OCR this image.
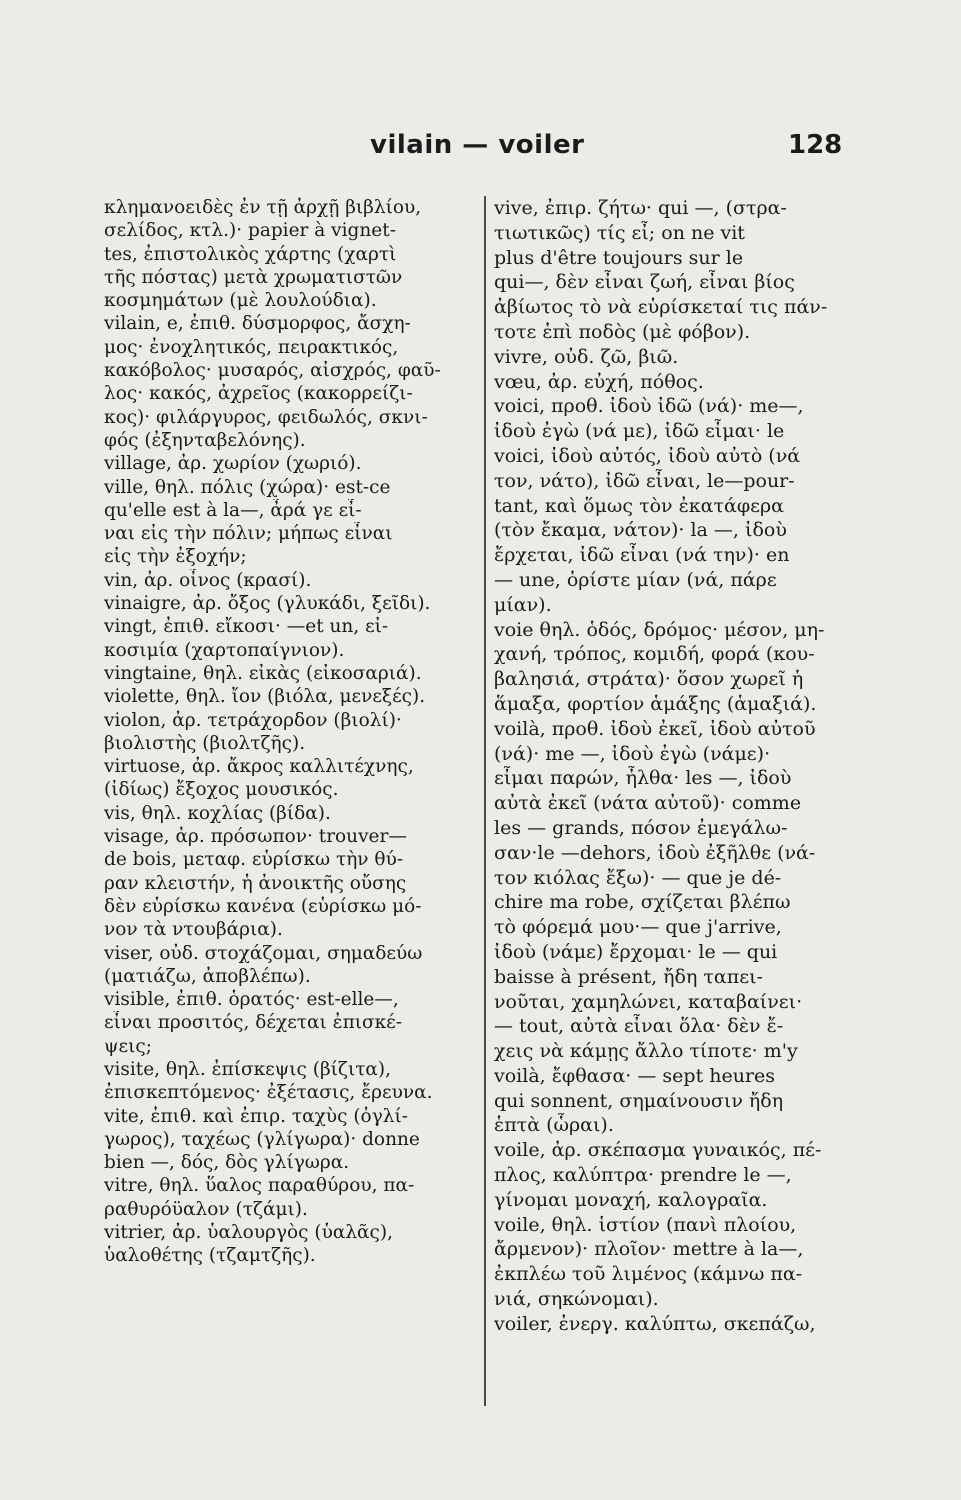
vilain — voiler	128
κλημανοειδὲς ἐν τῇ ἀρχῇ βιβλίου,
σελίδος, κτλ.)· papier à vignet-
tes, ἐπιστολικὸς χάρτης (χαρτὶ
τῆς πόστας) μετὰ χρωματιστῶν
κοσμημάτων (μὲ λουλούδια).
vilain, e, ἐπιθ. δύσμορφος, ἄσχη-
μος· ἐνοχλητικός, πειρακτικός,
κακόβολος· μυσαρός, αἰσχρός, φαῦ-
λος· κακός, ἀχρεῖος (κακορρείζι-
κος)· φιλάργυρος, φειδωλός, σκνι-
φός (ἐξηνταβελόνης).
village, ἀρ. χωρίον (χωριό).
ville, θηλ. πόλις (χώρα)· est-ce
qu'elle est à la—, ἆρά γε εἶ-
ναι εἰς τὴν πόλιν; μήπως εἶναι
εἰς τὴν ἐξοχήν;
vin, ἀρ. οἶνος (κρασί).
vinaigre, ἀρ. ὄξος (γλυκάδι, ξεῖδι).
vingt, ἐπιθ. εἴκοσι· —et un, εἰ-
κοσιμία (χαρτοπαίγνιον).
vingtaine, θηλ. εἰκὰς (εἰκοσαριά).
violette, θηλ. ἴον (βιόλα, μενεξές).
violon, ἀρ. τετράχορδον (βιολί)·
βιολιστὴς (βιολτζῆς).
virtuose, ἀρ. ἄκρος καλλιτέχνης,
(ἰδίως) ἔξοχος μουσικός.
vis, θηλ. κοχλίας (βίδα).
visage, ἀρ. πρόσωπον· trouver—
de bois, μεταφ. εὑρίσκω τὴν θύ-
ραν κλειστήν, ἡ ἀνοικτῆς οὔσης
δὲν εὑρίσκω κανένα (εὑρίσκω μό-
νον τὰ ντουβάρια).
viser, οὐδ. στοχάζομαι, σημαδεύω
(ματιάζω, ἀποβλέπω).
visible, ἐπιθ. ὁρατός· est-elle—,
εἶναι προσιτός, δέχεται ἐπισκέ-
ψεις;
visite, θηλ. ἐπίσκεψις (βίζιτα),
ἐπισκεπτόμενος· ἐξέτασις, ἔρευνα.
vite, ἐπιθ. καὶ ἐπιρ. ταχὺς (ὀγλί-
γωρος), ταχέως (γλίγωρα)· donne
bien —, δός, δὸς γλίγωρα.
vitre, θηλ. ὕαλος παραθύρου, πα-
ραθυρόϋαλον (τζάμι).
vitrier, ἀρ. ὑαλουργὸς (ὑαλᾶς),
ὑαλοθέτης (τζαμτζῆς).
vive, ἐπιρ. ζήτω· qui —, (στρα-
τιωτικῶς) τίς εἶ; on ne vit
plus d'être toujours sur le
qui—, δὲν εἶναι ζωή, εἶναι βίος
ἀβίωτος τὸ νὰ εὑρίσκεταί τις πάν-
τοτε ἐπὶ ποδὸς (μὲ φόβον).
vivre, οὐδ. ζῶ, βιῶ.
vœu, ἀρ. εὐχή, πόθος.
voici, προθ. ἰδοὺ ἰδῶ (νά)· me—,
ἰδοὺ ἐγὼ (νά με), ἰδῶ εἶμαι· le
voici, ἰδοὺ αὐτός, ἰδοὺ αὐτὸ (νά
τον, νάτο), ἰδῶ εἶναι, le—pour-
tant, καὶ ὅμως τὸν ἐκατάφερα
(τὸν ἔκαμα, νάτον)· la —, ἰδοὺ
ἔρχεται, ἰδῶ εἶναι (νά την)· en
— une, ὁρίστε μίαν (νά, πάρε
μίαν).
voie θηλ. ὁδός, δρόμος· μέσον, μη-
χανή, τρόπος, κομιδή, φορά (κου-
βαλησιά, στράτα)· ὅσον χωρεῖ ἡ
ἅμαξα, φορτίον ἁμάξης (ἁμαξιά).
voilà, προθ. ἰδοὺ ἐκεῖ, ἰδοὺ αὐτοῦ
(νά)· me —, ἰδοὺ ἐγὼ (νάμε)·
εἶμαι παρών, ἦλθα· les —, ἰδοὺ
αὐτὰ ἐκεῖ (νάτα αὐτοῦ)· comme
les — grands, πόσον ἐμεγάλω-
σαν·le —dehors, ἰδοὺ ἐξῆλθε (νά-
τον κιόλας ἔξω)· — que je dé-
chire ma robe, σχίζεται βλέπω
τὸ φόρεμά μου·— que j'arrive,
ἰδοὺ (νάμε) ἔρχομαι· le — qui
baisse à présent, ἤδη ταπει-
νοῦται, χαμηλώνει, καταβαίνει·
— tout, αὐτὰ εἶναι ὅλα· δὲν ἔ-
χεις νὰ κάμῃς ἄλλο τίποτε· m'y
voilà, ἔφθασα· — sept heures
qui sonnent, σημαίνουσιν ἤδη
ἑπτὰ (ὧραι).
voile, ἀρ. σκέπασμα γυναικός, πέ-
πλος, καλύπτρα· prendre le —,
γίνομαι μοναχή, καλογραῖα.
voile, θηλ. ἱστίον (πανὶ πλοίου,
ἄρμενον)· πλοῖον· mettre à la—,
ἐκπλέω τοῦ λιμένος (κάμνω πα-
νιά, σηκώνομαι).
voiler, ἐνεργ. καλύπτω, σκεπάζω,
